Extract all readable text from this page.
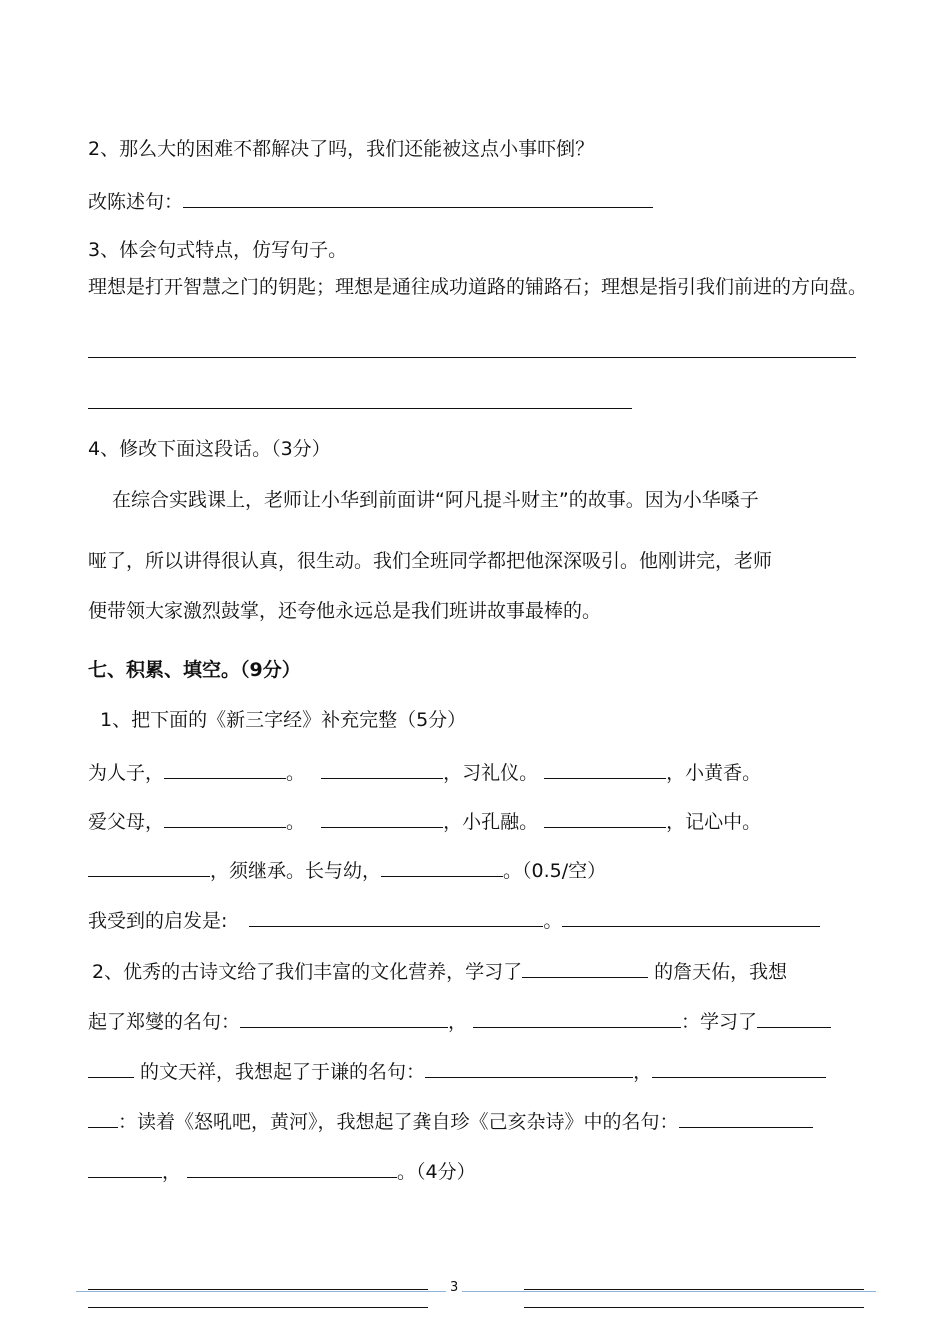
2、那么大的困难不都解决了吗，我们还能被这点小事吓倒？
改陈述句：
3、体会句式特点，仿写句子。
理想是打开智慧之门的钥匙；理想是通往成功道路的铺路石；理想是指引我们前进的方向盘。
4、修改下面这段话。（3分）
在综合实践课上，老师让小华到前面讲“阿凡提斗财主”的故事。因为小华嗓子
哑了，所以讲得很认真，很生动。我们全班同学都把他深深吸引。他刚讲完，老师
便带领大家激烈鼓掌，还夸他永远总是我们班讲故事最棒的。
七、积累、填空。（9分）
1、把下面的《新三字经》补充完整（5分）
为人子，	。	，习礼仪。	，小黄香。
爱父母，	。	，小孔融。	，记心中。
，须继承。长与幼，	。（0.5/空）
我受到的启发是:	。
2、优秀的古诗文给了我们丰富的文化营养，学习了	的詹天佑，我想
起了郑燮的名句：	，	：学习了
的文天祥，我想起了于谦的名句：	，
：读着《怒吼吧，黄河》，我想起了龚自珍《己亥杂诗》中的名句：
，	。（4分）
3
